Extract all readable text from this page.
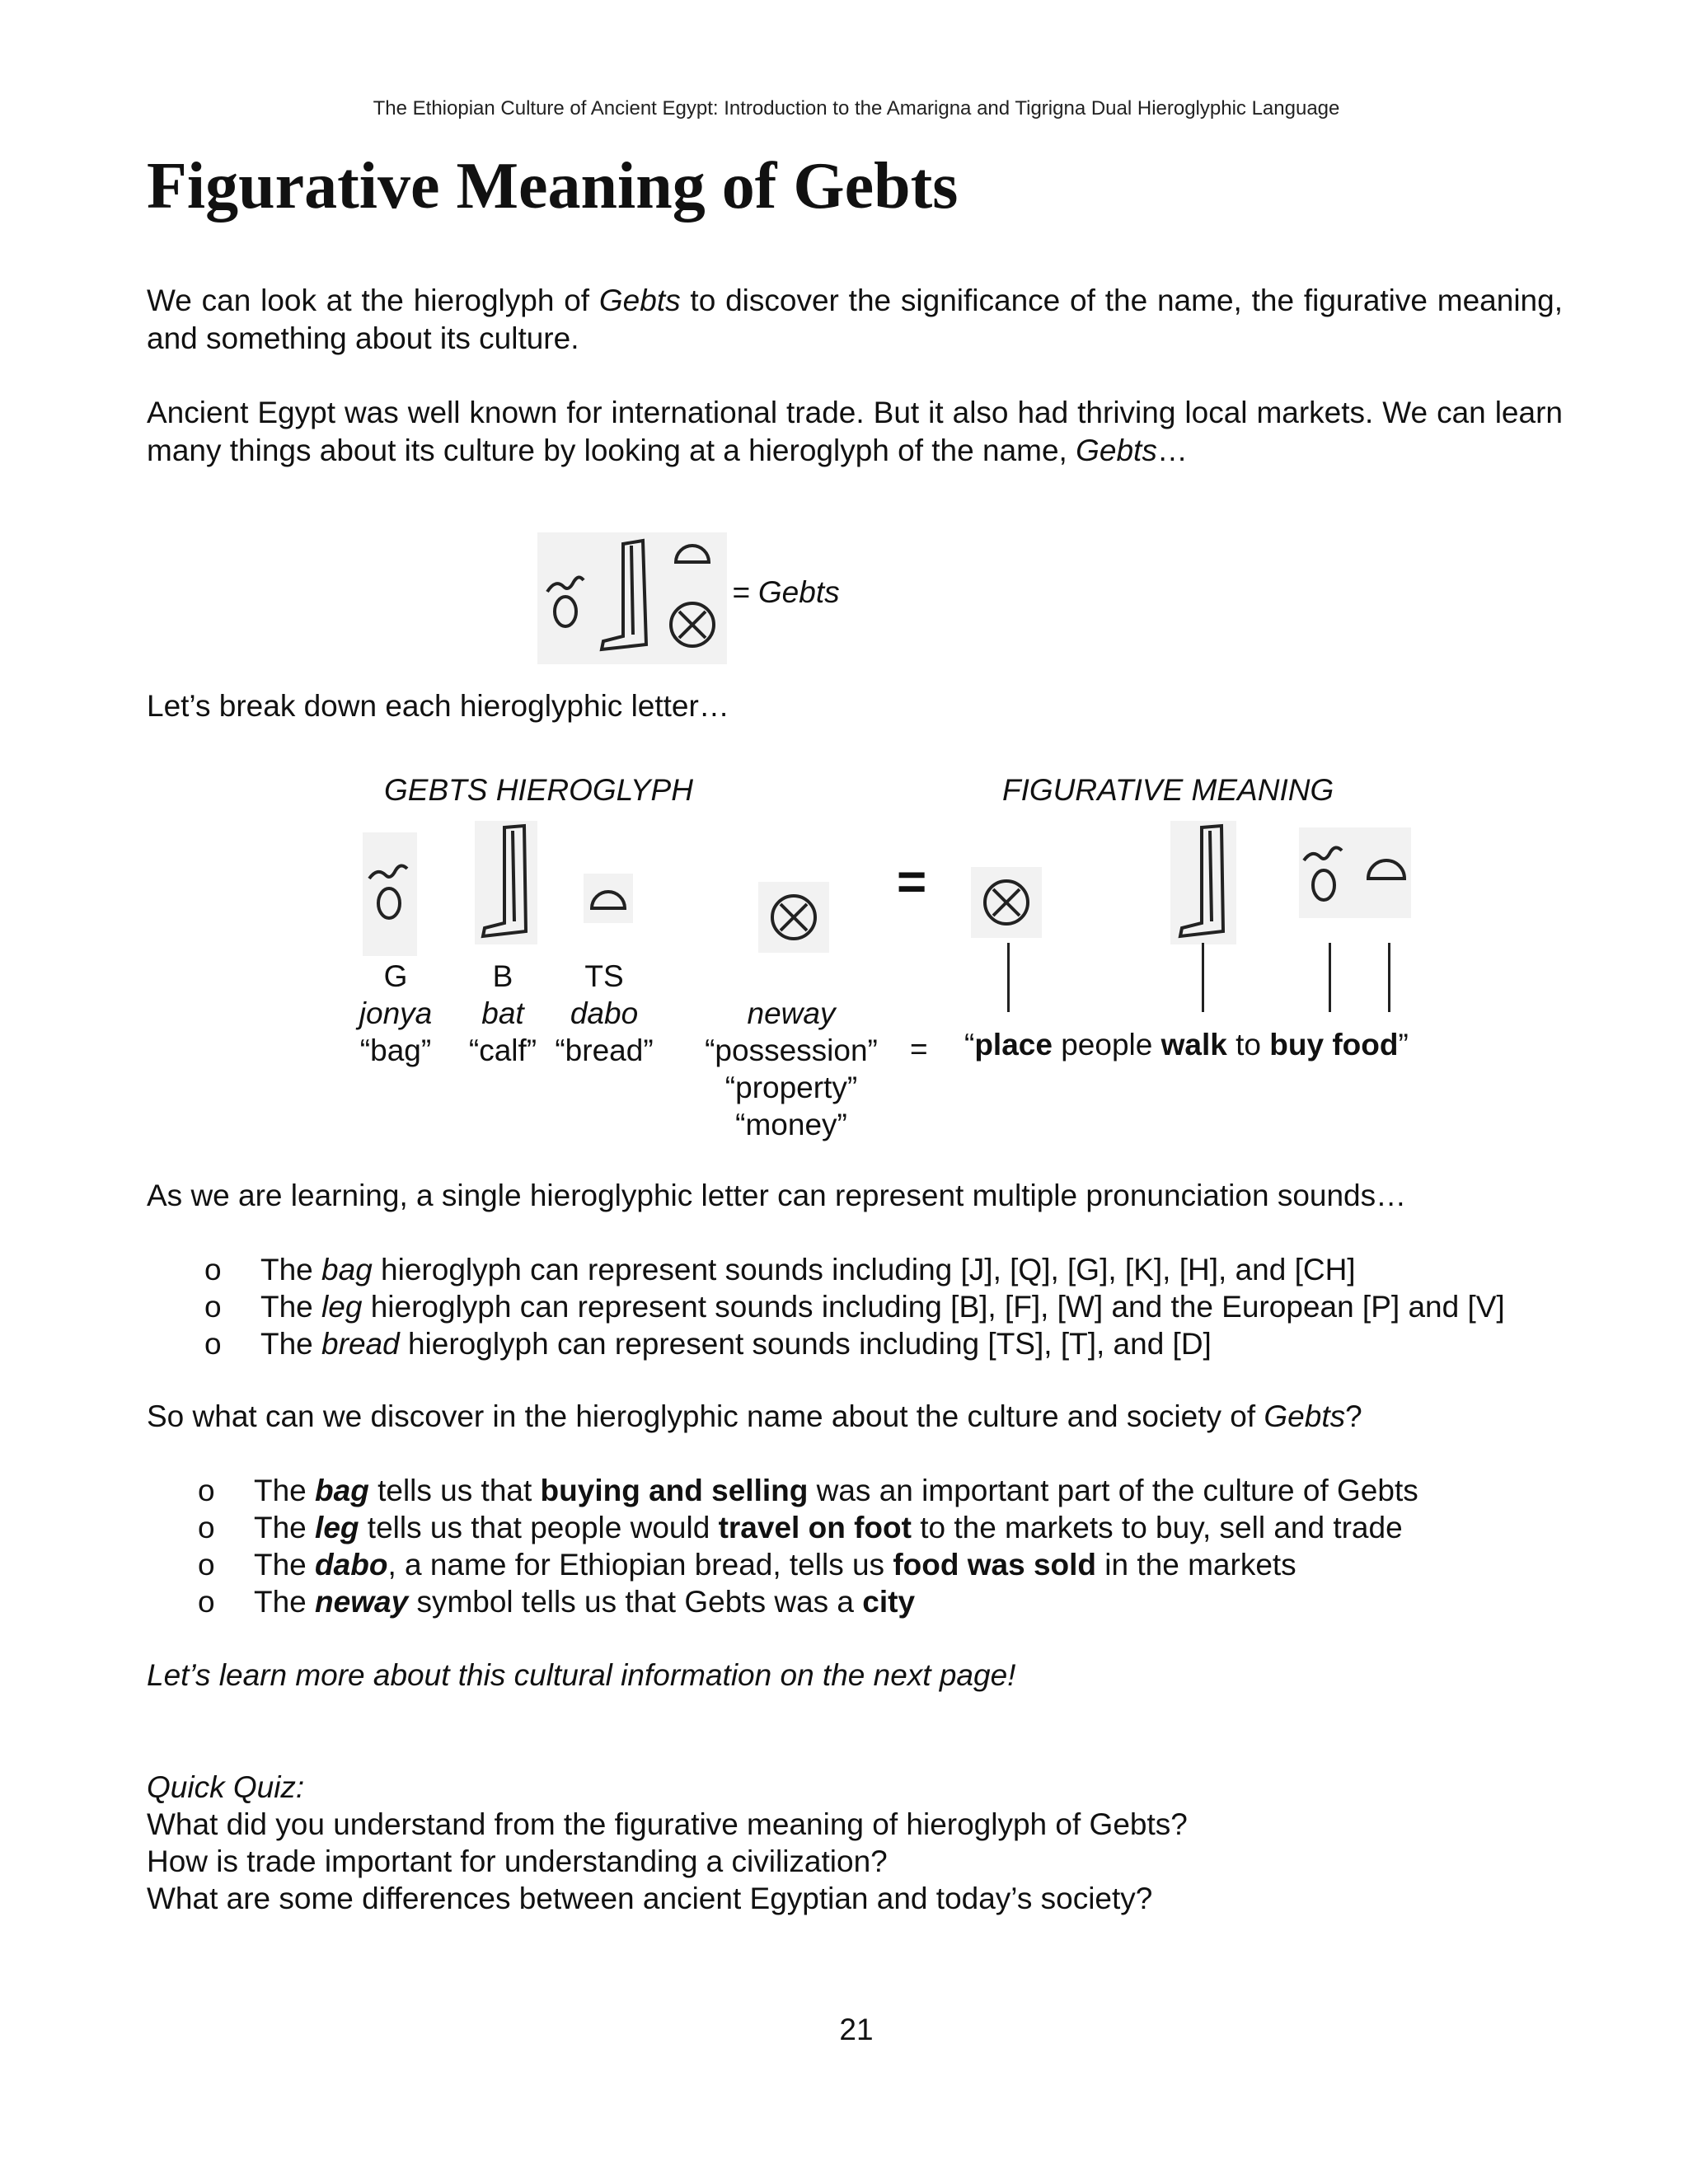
The Ethiopian Culture of Ancient Egypt: Introduction to the Amarigna and Tigrigna Dual Hieroglyphic Language
Figurative Meaning of Gebts

We can look at the hieroglyph of Gebts to discover the significance of the name, the figurative meaning, and something about its culture.

Ancient Egypt was well known for international trade. But it also had thriving local markets. We can learn many things about its culture by looking at a hieroglyph of the name, Gebts…

= Gebts

Let’s break down each hieroglyphic letter…

GEBTS HIEROGLYPH	FIGURATIVE MEANING
=
G
jonya
“bag”
B
bat
“calf”
TS
dabo
“bread”
neway
“possession”
“property”
“money”
= “place people walk to buy food”

As we are learning, a single hieroglyphic letter can represent multiple pronunciation sounds…

o The bag hieroglyph can represent sounds including [J], [Q], [G], [K], [H], and [CH]
o The leg hieroglyph can represent sounds including [B], [F], [W] and the European [P] and [V]
o The bread hieroglyph can represent sounds including [TS], [T], and [D]

So what can we discover in the hieroglyphic name about the culture and society of Gebts?

o The bag tells us that buying and selling was an important part of the culture of Gebts
o The leg tells us that people would travel on foot to the markets to buy, sell and trade
o The dabo, a name for Ethiopian bread, tells us food was sold in the markets
o The neway symbol tells us that Gebts was a city

Let’s learn more about this cultural information on the next page!

Quick Quiz:
What did you understand from the figurative meaning of hieroglyph of Gebts?
How is trade important for understanding a civilization?
What are some differences between ancient Egyptian and today’s society?
21
